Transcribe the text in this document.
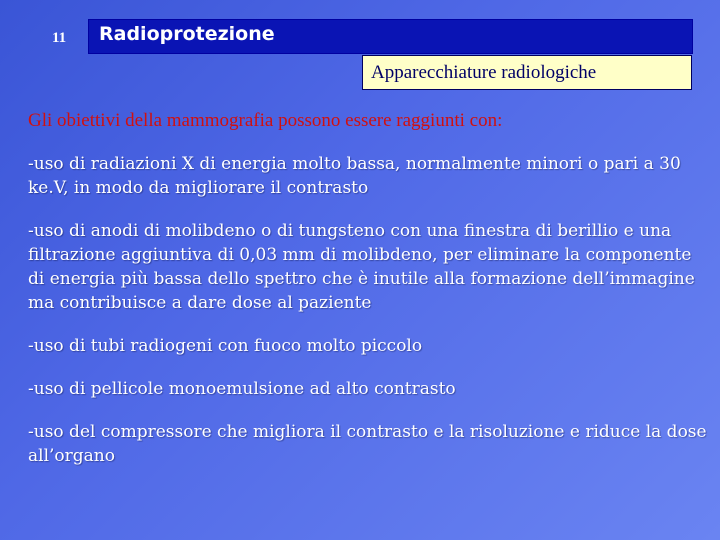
11 Radioprotezione
Apparecchiature radiologiche
Gli obiettivi della mammografia possono essere raggiunti con:
-uso di radiazioni X di energia molto bassa, normalmente minori o pari a 30 ke.V, in modo da migliorare il contrasto
-uso di anodi di molibdeno o di tungsteno con una finestra di berillio e una filtrazione aggiuntiva di 0,03 mm di molibdeno, per eliminare la componente di energia più bassa dello spettro che è inutile alla formazione dell’immagine ma contribuisce a dare dose al paziente
-uso di tubi radiogeni con fuoco molto piccolo
-uso di pellicole monoemulsione ad alto contrasto
-uso del compressore che migliora il contrasto e la risoluzione e riduce la dose all’organo
